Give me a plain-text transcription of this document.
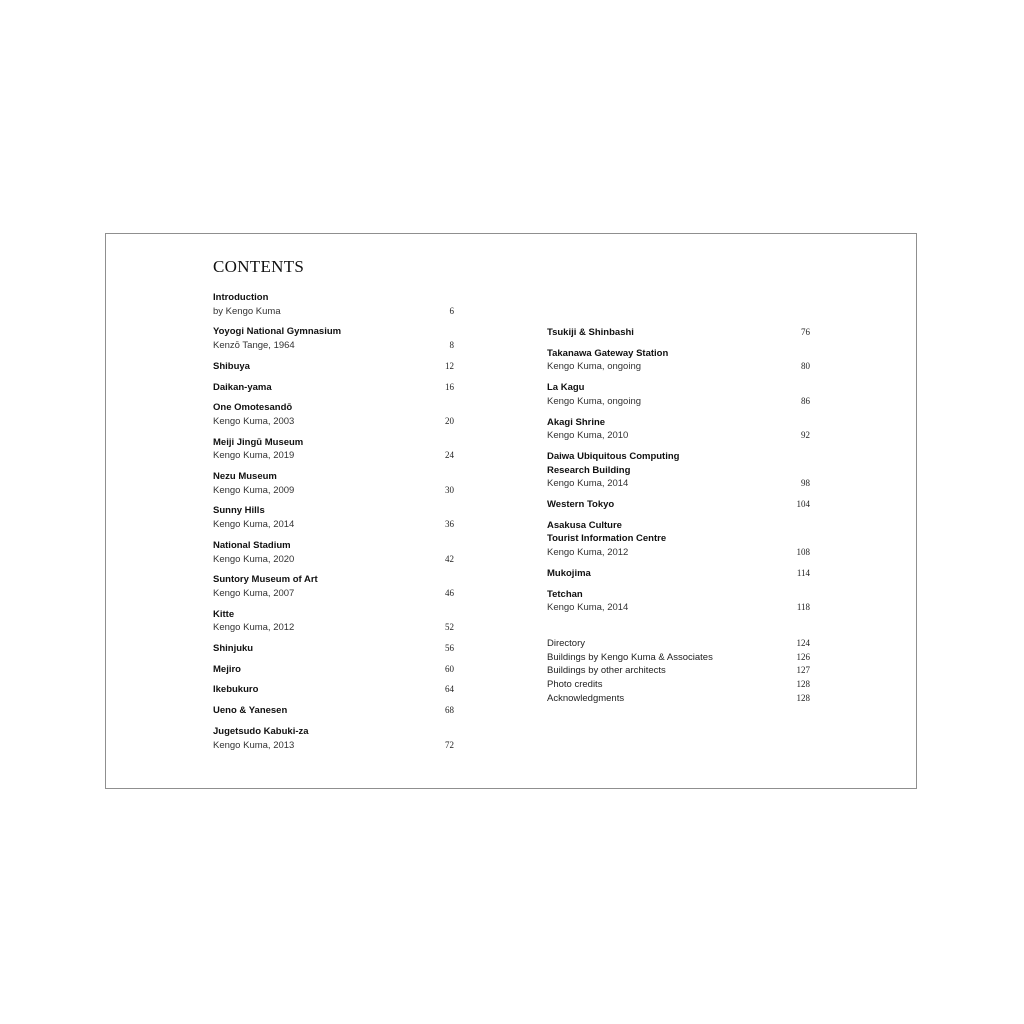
CONTENTS
Introduction
by Kengo Kuma	6
Yoyogi National Gymnasium
Kenzō Tange, 1964	8
Shibuya	12
Daikan-yama	16
One Omotesandō
Kengo Kuma, 2003	20
Meiji Jingū Museum
Kengo Kuma, 2019	24
Nezu Museum
Kengo Kuma, 2009	30
Sunny Hills
Kengo Kuma, 2014	36
National Stadium
Kengo Kuma, 2020	42
Suntory Museum of Art
Kengo Kuma, 2007	46
Kitte
Kengo Kuma, 2012	52
Shinjuku	56
Mejiro	60
Ikebukuro	64
Ueno & Yanesen	68
Jugetsudo Kabuki-za
Kengo Kuma, 2013	72
Tsukiji & Shinbashi	76
Takanawa Gateway Station
Kengo Kuma, ongoing	80
La Kagu
Kengo Kuma, ongoing	86
Akagi Shrine
Kengo Kuma, 2010	92
Daiwa Ubiquitous Computing
Research Building
Kengo Kuma, 2014	98
Western Tokyo	104
Asakusa Culture
Tourist Information Centre
Kengo Kuma, 2012	108
Mukojima	114
Tetchan
Kengo Kuma, 2014	118
Directory	124
Buildings by Kengo Kuma & Associates	126
Buildings by other architects	127
Photo credits	128
Acknowledgments	128
